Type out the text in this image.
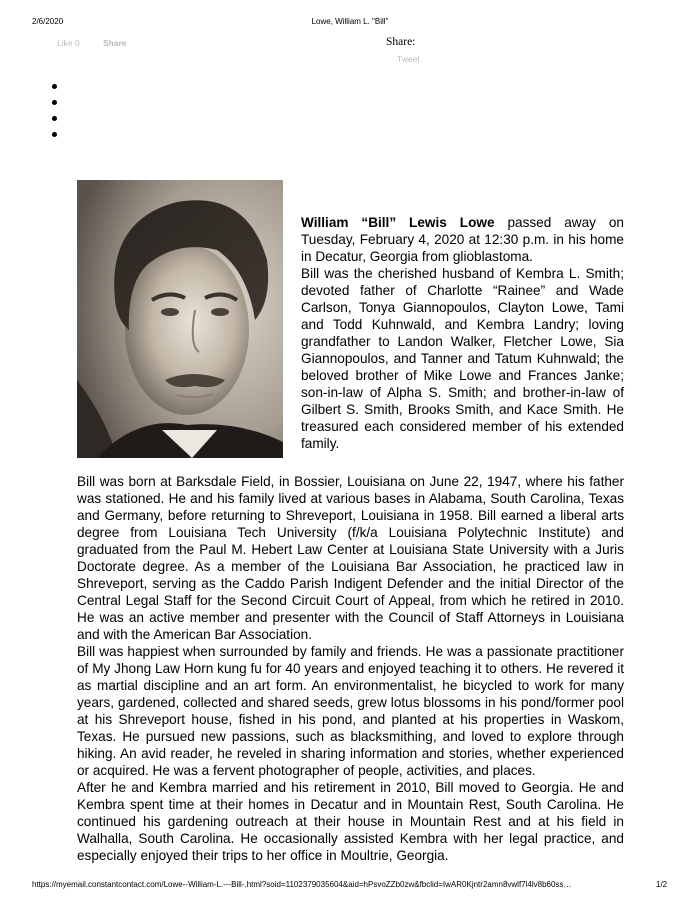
2/6/2020	Lowe, William L. "Bill"
Like 0	Share	Share:
Tweet

William “Bill” Lewis Lowe passed away on Tuesday, February 4, 2020 at 12:30 p.m. in his home in Decatur, Georgia from glioblastoma.

Bill was the cherished husband of Kembra L. Smith; devoted father of Charlotte “Rainee” and Wade Carlson, Tonya Giannopoulos, Clayton Lowe, Tami and Todd Kuhnwald, and Kembra Landry; loving grandfather to Landon Walker, Fletcher Lowe, Sia Giannopoulos, and Tanner and Tatum Kuhnwald; the beloved brother of Mike Lowe and Frances Janke; son-in-law of Alpha S. Smith; and brother-in-law of Gilbert S. Smith, Brooks Smith, and Kace Smith. He treasured each considered member of his extended family.

Bill was born at Barksdale Field, in Bossier, Louisiana on June 22, 1947, where his father was stationed. He and his family lived at various bases in Alabama, South Carolina, Texas and Germany, before returning to Shreveport, Louisiana in 1958. Bill earned a liberal arts degree from Louisiana Tech University (f/k/a Louisiana Polytechnic Institute) and graduated from the Paul M. Hebert Law Center at Louisiana State University with a Juris Doctorate degree. As a member of the Louisiana Bar Association, he practiced law in Shreveport, serving as the Caddo Parish Indigent Defender and the initial Director of the Central Legal Staff for the Second Circuit Court of Appeal, from which he retired in 2010. He was an active member and presenter with the Council of Staff Attorneys in Louisiana and with the American Bar Association.

Bill was happiest when surrounded by family and friends. He was a passionate practitioner of My Jhong Law Horn kung fu for 40 years and enjoyed teaching it to others. He revered it as martial discipline and an art form. An environmentalist, he bicycled to work for many years, gardened, collected and shared seeds, grew lotus blossoms in his pond/former pool at his Shreveport house, fished in his pond, and planted at his properties in Waskom, Texas. He pursued new passions, such as blacksmithing, and loved to explore through hiking. An avid reader, he reveled in sharing information and stories, whether experienced or acquired. He was a fervent photographer of people, activities, and places.

After he and Kembra married and his retirement in 2010, Bill moved to Georgia. He and Kembra spent time at their homes in Decatur and in Mountain Rest, South Carolina. He continued his gardening outreach at their house in Mountain Rest and at his field in Walhalla, South Carolina. He occasionally assisted Kembra with her legal practice, and especially enjoyed their trips to her office in Moultrie, Georgia.

https://myemail.constantcontact.com/Lowe--William-L.---Bill-.html?soid=1102379035604&aid=hPsvoZZb0zw&fbclid=IwAR0Kjntr2amn8vwlf7l4lv8b60ss…	1/2
